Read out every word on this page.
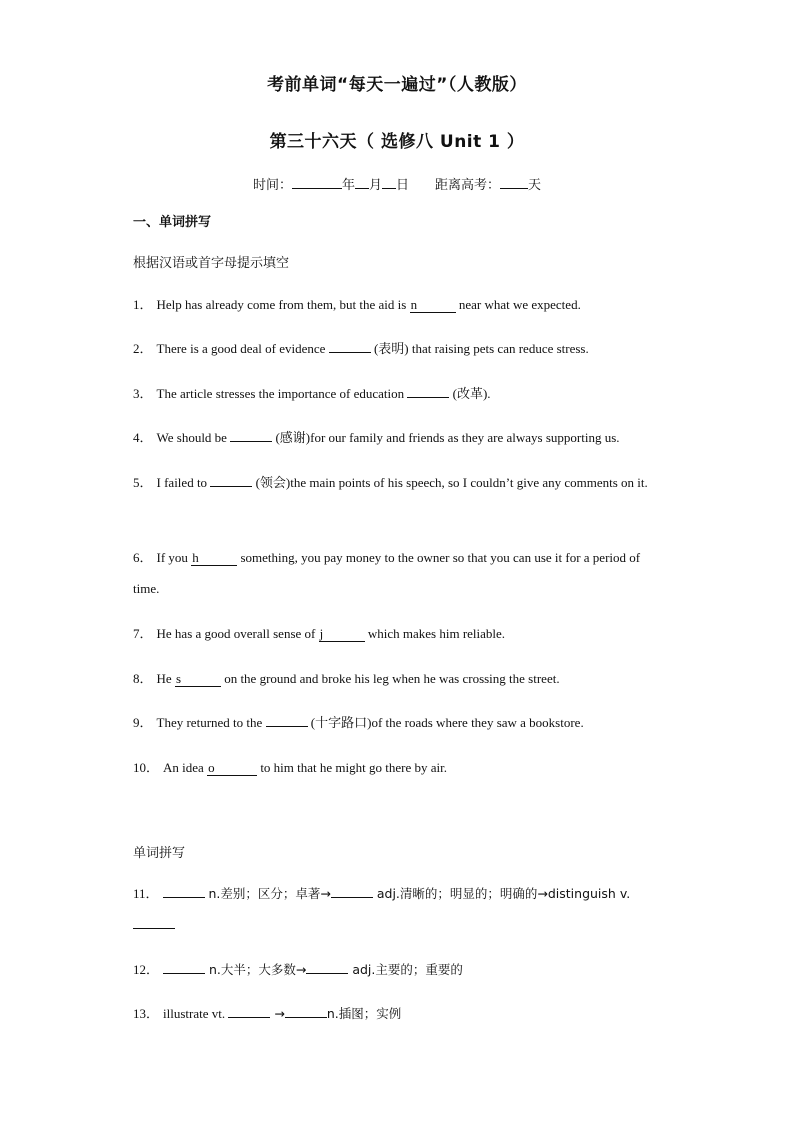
考前单词“每天一遍过”（人教版）
第三十六天（ 选修八 Unit 1 ）
时间：	年 月 日 距离高考： 天
一、单词拼写
根据汉语或首字母提示填空
1． Help has already come from them, but the aid is n	near what we expected.
2． There is a good deal of evidence	(表明) that raising pets can reduce stress.
3． The article stresses the importance of education	(改革).
4． We should be	(感谢)for our family and friends as they are always supporting us.
5． I failed to	(领会)the main points of his speech, so I couldn’t give any comments on it.
6． If you h	something, you pay money to the owner so that you can use it for a period of time.
7． He has a good overall sense of j	which makes him reliable.
8． He s	on the ground and broke his leg when he was crossing the street.
9． They returned to the	(十字路口)of the roads where they saw a bookstore.
10． An idea o	to him that he might go there by air.
单词拼写
11．	n.差别；区分；卓著→	adj.清晰的；明显的；明确的→distinguish v.

12．	n.大半；大多数→	adj.主要的；重要的
13． illustrate vt.	→	n.插图；实例
